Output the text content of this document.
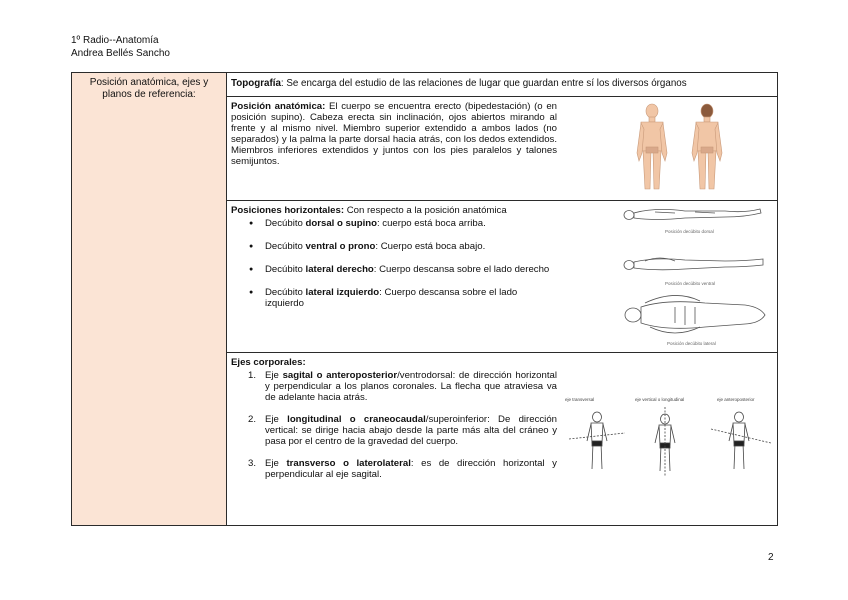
1º Radio--Anatomía
Andrea Bellés Sancho
Posición anatómica, ejes y planos de referencia:
Topografía: Se encarga del estudio de las relaciones de lugar que guardan entre sí los diversos órganos
Posición anatómica: El cuerpo se encuentra erecto (bipedestación) (o en posición supino). Cabeza erecta sin inclinación, ojos abiertos mirando al frente y al mismo nivel. Miembro superior extendido a ambos lados (no separados) y la palma la parte dorsal hacia atrás, con los dedos extendidos. Miembros inferiores extendidos y juntos con los pies paralelos y talones semijuntos.
Posiciones horizontales: Con respecto a la posición anatómica
● Decúbito dorsal o supino: cuerpo está boca arriba.
● Decúbito ventral o prono: Cuerpo está boca abajo.
● Decúbito lateral derecho: Cuerpo descansa sobre el lado derecho
● Decúbito lateral izquierdo: Cuerpo descansa sobre el lado izquierdo
Posición decúbito dorsal
Posición decúbito ventral
Posición decúbito lateral
Ejes corporales:
1. Eje sagital o anteroposterior/ventrodorsal: de dirección horizontal y perpendicular a los planos coronales. La flecha que atraviesa va de adelante hacia atrás.
2. Eje longitudinal o craneocaudal/superoinferior: De dirección vertical: se dirige hacia abajo desde la parte más alta del cráneo y pasa por el centro de la gravedad del cuerpo.
3. Eje transverso o laterolateral: es de dirección horizontal y perpendicular al eje sagital.
eje transversal	eje vertical o longitudinal	eje anteroposterior
2
